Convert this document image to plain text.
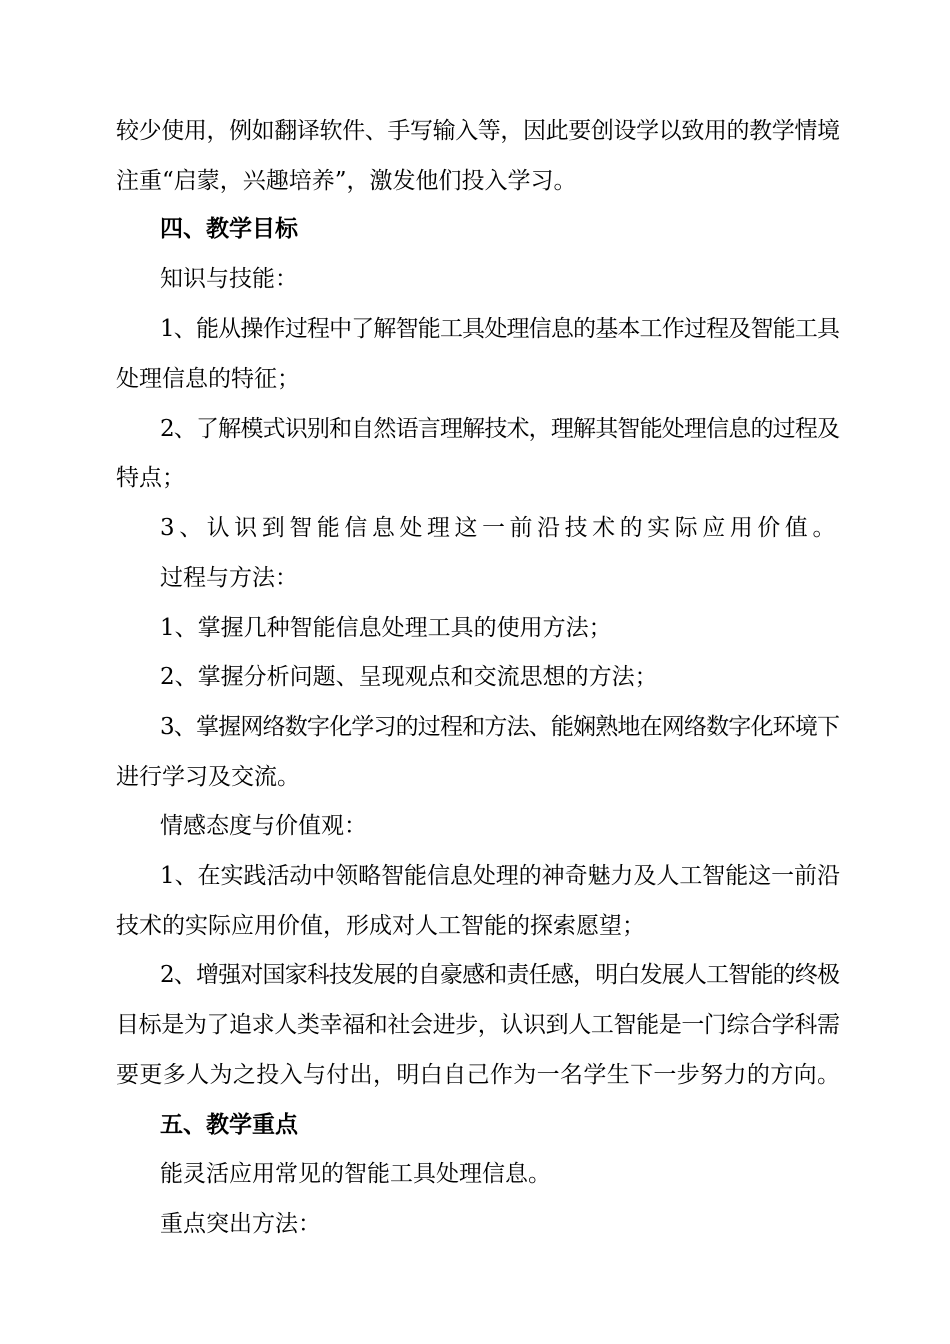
较少使用，例如翻译软件、手写输入等，因此要创设学以致用的教学情境
注重“启蒙，兴趣培养”，激发他们投入学习。
四、教学目标
知识与技能：
1、能从操作过程中了解智能工具处理信息的基本工作过程及智能工具
处理信息的特征；
2、了解模式识别和自然语言理解技术，理解其智能处理信息的过程及
特点；
3、认识到智能信息处理这一前沿技术的实际应用价值。
过程与方法：
1、掌握几种智能信息处理工具的使用方法；
2、掌握分析问题、呈现观点和交流思想的方法；
3、掌握网络数字化学习的过程和方法、能娴熟地在网络数字化环境下
进行学习及交流。
情感态度与价值观：
1、在实践活动中领略智能信息处理的神奇魅力及人工智能这一前沿
技术的实际应用价值，形成对人工智能的探索愿望；
2、增强对国家科技发展的自豪感和责任感，明白发展人工智能的终极
目标是为了追求人类幸福和社会进步，认识到人工智能是一门综合学科需
要更多人为之投入与付出，明白自己作为一名学生下一步努力的方向。
五、教学重点
能灵活应用常见的智能工具处理信息。
重点突出方法：
